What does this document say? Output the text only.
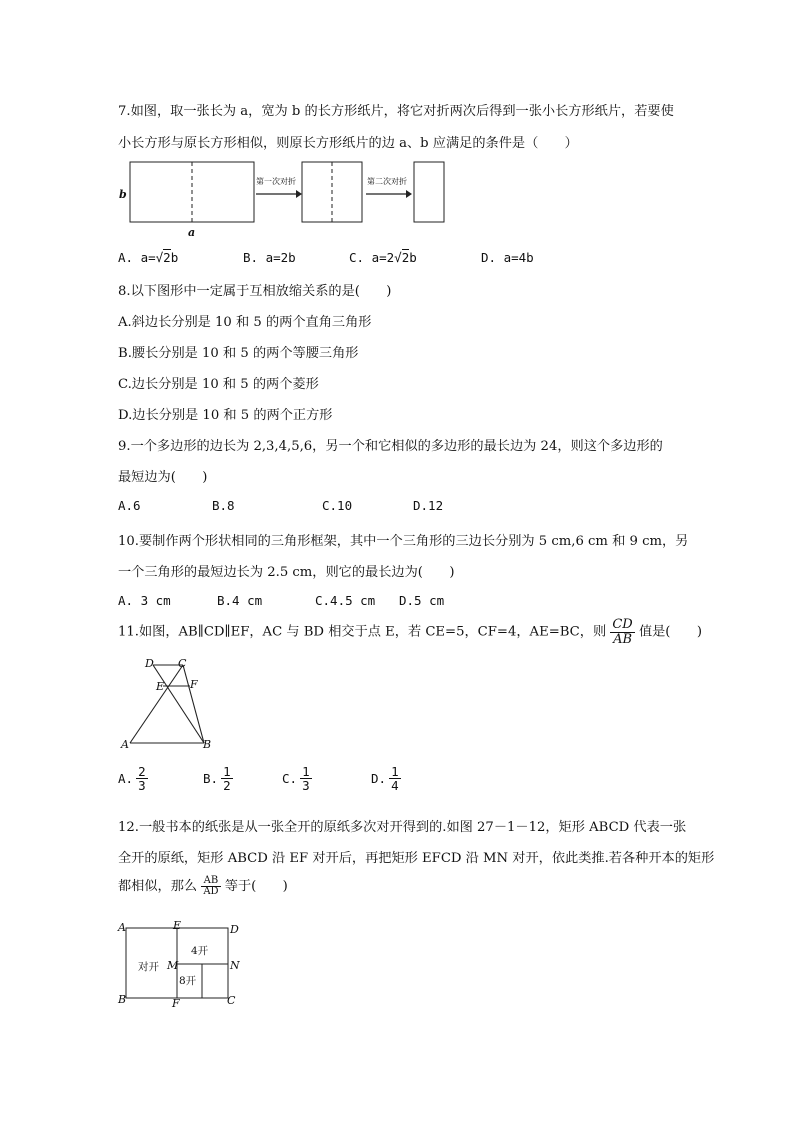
7.如图，取一张长为 a，宽为 b 的长方形纸片，将它对折两次后得到一张小长方形纸片，若要使
小长方形与原长方形相似，则原长方形纸片的边 a、b 应满足的条件是（　　）
b
a
第一次对折	第二次对折
A. a=√2b	B. a=2b	C. a=2√2b	D. a=4b
8.以下图形中一定属于互相放缩关系的是(　　)
A.斜边长分别是 10 和 5 的两个直角三角形
B.腰长分别是 10 和 5 的两个等腰三角形
C.边长分别是 10 和 5 的两个菱形
D.边长分别是 10 和 5 的两个正方形
9.一个多边形的边长为 2,3,4,5,6，另一个和它相似的多边形的最长边为 24，则这个多边形的
最短边为(　　)
A.6	B.8	C.10	D.12
10.要制作两个形状相同的三角形框架，其中一个三角形的三边长分别为 5 cm,6 cm 和 9 cm，另
一个三角形的最短边长为 2.5 cm，则它的最长边为(　　)
A. 3 cm	B.4 cm	C.4.5 cm D.5 cm
11.如图，AB∥CD∥EF，AC 与 BD 相交于点 E，若 CE=5，CF=4，AE=BC，则 $\frac{CD}{AB}$ 值是(　　)
D C
E F
A	B
A. $\frac{2}{3}$	B. $\frac{1}{2}$	C. $\frac{1}{3}$	D. $\frac{1}{4}$
12.一般书本的纸张是从一张全开的原纸多次对开得到的.如图 27－1－12，矩形 ABCD 代表一张
全开的原纸，矩形 ABCD 沿 EF 对开后，再把矩形 EFCD 沿 MN 对开，依此类推.若各种开本的矩形
都相似，那么 $\frac{AB}{AD}$ 等于(　　)
A	E	D
B	F	C
M	N
对开
4开
8开
